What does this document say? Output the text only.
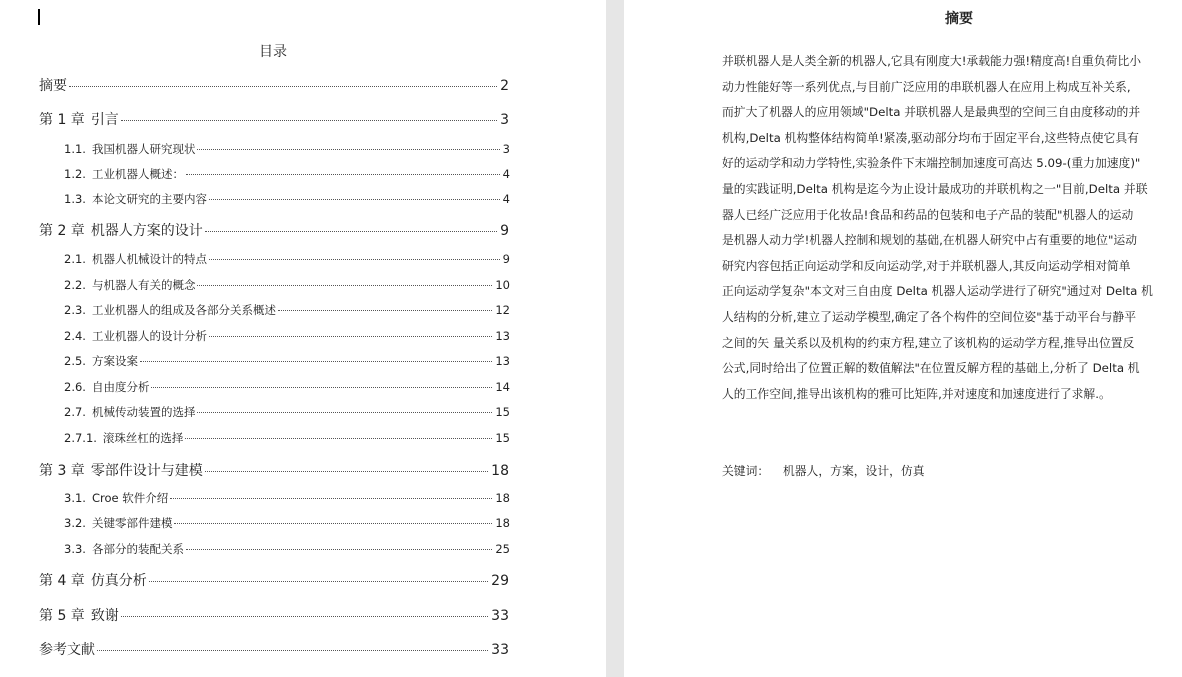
目录
摘要	2
第 1 章 引言	3
1.1. 我国机器人研究现状	3
1.2. 工业机器人概述：	4
1.3. 本论文研究的主要内容	4
第 2 章 机器人方案的设计	9
2.1. 机器人机械设计的特点	9
2.2. 与机器人有关的概念	10
2.3. 工业机器人的组成及各部分关系概述	12
2.4. 工业机器人的设计分析	13
2.5. 方案设案	13
2.6. 自由度分析	14
2.7. 机械传动装置的选择	15
2.7.1. 滚珠丝杠的选择	15
第 3 章 零部件设计与建模	18
3.1. Croe 软件介绍	18
3.2. 关键零部件建模	18
3.3. 各部分的装配关系	25
第 4 章 仿真分析	29
第 5 章 致谢	33
参考文献	33
摘要
并联机器人是人类全新的机器人,它具有刚度大!承载能力强!精度高!自重负荷比小
动力性能好等一系列优点,与目前广泛应用的串联机器人在应用上构成互补关系,
而扩大了机器人的应用领域"Delta 并联机器人是最典型的空间三自由度移动的并
机构,Delta 机构整体结构简单!紧凑,驱动部分均布于固定平台,这些特点使它具有
好的运动学和动力学特性,实验条件下末端控制加速度可高达 5.09-(重力加速度)"
量的实践证明,Delta 机构是迄今为止设计最成功的并联机构之一"目前,Delta 并联
器人已经广泛应用于化妆品!食品和药品的包装和电子产品的装配"机器人的运动
是机器人动力学!机器人控制和规划的基础,在机器人研究中占有重要的地位"运动
研究内容包括正向运动学和反向运动学,对于并联机器人,其反向运动学相对简单
正向运动学复杂"本文对三自由度 Delta 机器人运动学进行了研究"通过对 Delta 机
人结构的分析,建立了运动学模型,确定了各个构件的空间位姿"基于动平台与静平
之间的矢 量关系以及机构的约束方程,建立了该机构的运动学方程,推导出位置反
公式,同时给出了位置正解的数值解法"在位置反解方程的基础上,分析了 Delta 机
人的工作空间,推导出该机构的雅可比矩阵,并对速度和加速度进行了求解.。
关键词： 机器人，方案，设计，仿真
